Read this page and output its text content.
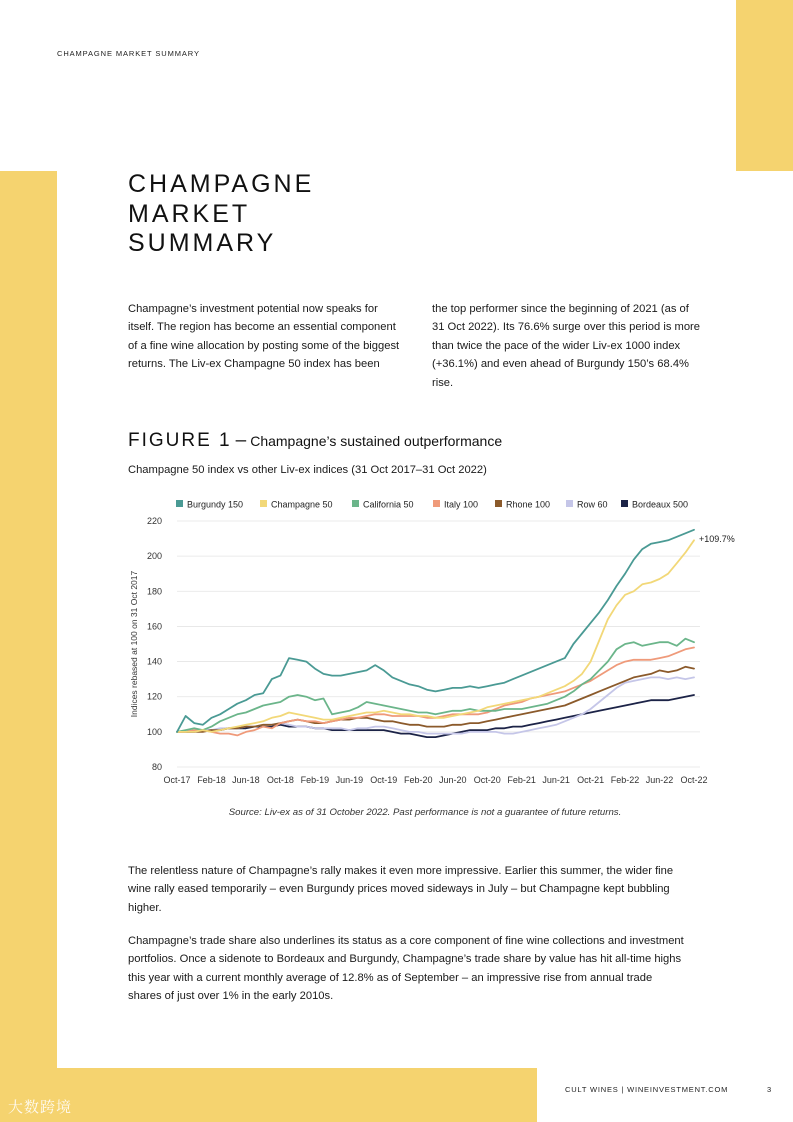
CHAMPAGNE MARKET SUMMARY
CHAMPAGNE
MARKET
SUMMARY

Champagne’s investment potential now speaks for itself. The region has become an essential component of a fine wine allocation by posting some of the biggest returns. The Liv-ex Champagne 50 index has been

the top performer since the beginning of 2021 (as of 31 Oct 2022). Its 76.6% surge over this period is more than twice the pace of the wider Liv-ex 1000 index (+36.1%) and even ahead of Burgundy 150’s 68.4% rise.

FIGURE 1 – Champagne’s sustained outperformance
Champagne 50 index vs other Liv-ex indices (31 Oct 2017–31 Oct 2022)
80
100
120
140
160
180
200
220
Oct-17 Feb-18 Jun-18 Oct-18 Feb-19 Jun-19 Oct-19 Feb-20 Jun-20 Oct-20 Feb-21 Jun-21 Oct-21 Feb-22 Jun-22 Oct-22
Indices rebased at 100 on 31 Oct 2017
Burgundy 150	Champagne 50	California 50	Italy 100	Rhone 100	Row 60	Bordeaux 500
+109.7%
Source: Liv-ex as of 31 October 2022. Past performance is not a guarantee of future returns.

The relentless nature of Champagne’s rally makes it even more impressive. Earlier this summer, the wider fine wine rally eased temporarily – even Burgundy prices moved sideways in July – but Champagne kept bubbling higher.

Champagne’s trade share also underlines its status as a core component of fine wine collections and investment portfolios. Once a sidenote to Bordeaux and Burgundy, Champagne’s trade share by value has hit all-time highs this year with a current monthly average of 12.8% as of September – an impressive rise from annual trade shares of just over 1% in the early 2010s.

CULT WINES | WINEINVESTMENT.COM	3
大数跨境
